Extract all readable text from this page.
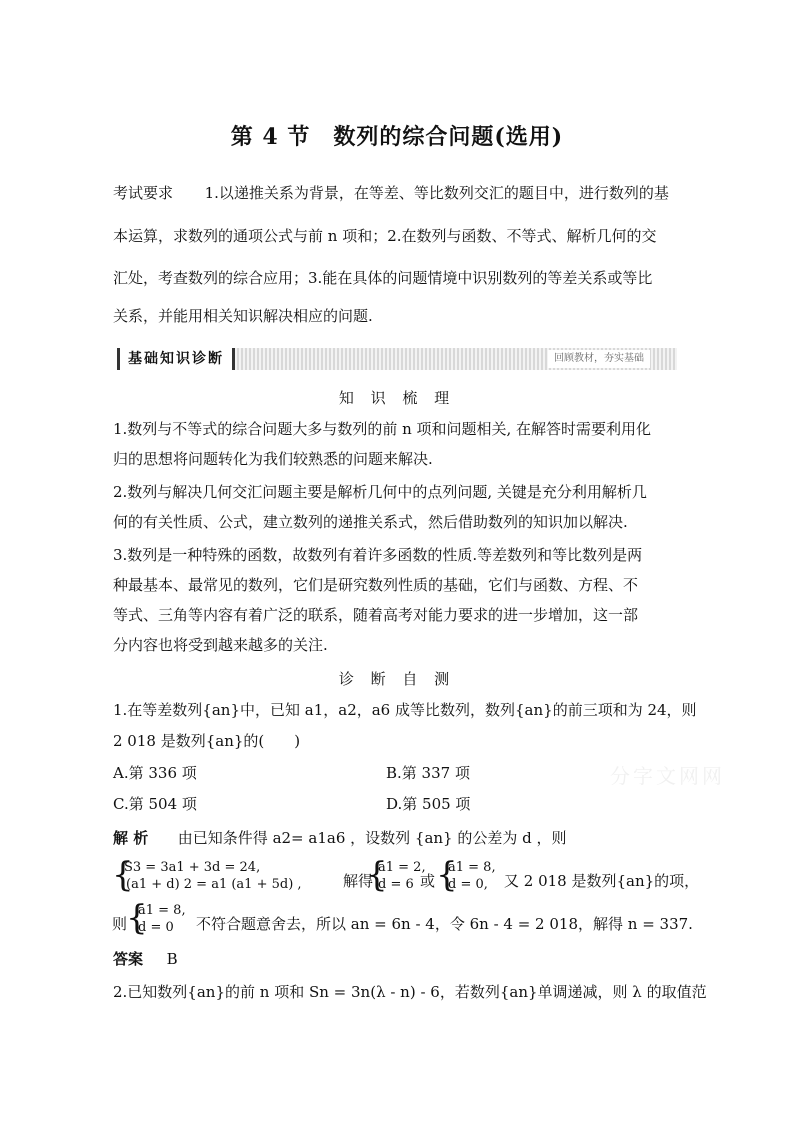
第 4 节　数列的综合问题(选用)
考试要求 1.以递推关系为背景，在等差、等比数列交汇的题目中，进行数列的基
本运算，求数列的通项公式与前 n 项和；2.在数列与函数、不等式、解析几何的交
汇处，考查数列的综合应用；3.能在具体的问题情境中识别数列的等差关系或等比
关系，并能用相关知识解决相应的问题.
基础知识诊断	回顾教材，夯实基础
知 识 梳 理
1.数列与不等式的综合问题大多与数列的前 n 项和问题相关, 在解答时需要利用化
归的思想将问题转化为我们较熟悉的问题来解决.
2.数列与解决几何交汇问题主要是解析几何中的点列问题, 关键是充分利用解析几
何的有关性质、公式，建立数列的递推关系式，然后借助数列的知识加以解决.
3.数列是一种特殊的函数，故数列有着许多函数的性质.等差数列和等比数列是两
种最基本、最常见的数列，它们是研究数列性质的基础，它们与函数、方程、不
等式、三角等内容有着广泛的联系，随着高考对能力要求的进一步增加，这一部
分内容也将受到越来越多的关注.
诊 断 自 测
1.在等差数列{an}中，已知 a1，a2，a6 成等比数列，数列{an}的前三项和为 24，则
2 018 是数列{an}的(　　)
A.第 336 项	B.第 337 项
C.第 504 项	D.第 505 项
分字文网网
解 析 由已知条件得 a2= a1a6 ，设数列 {an} 的公差为 d ，则
{
S3 = 3a1 + 3d = 24,
(a1 + d) 2 = a1 (a1 + 5d) ,	解得
{
a1 = 2,
d = 6 或 {
a1 = 8,
d = 0, 又 2 018 是数列{an}的项，
则
{
a1 = 8,
d = 0 不符合题意舍去，所以 an = 6n - 4，令 6n - 4 = 2 018，解得 n = 337.
答案 B
2.已知数列{an}的前 n 项和 Sn = 3n(λ - n) - 6，若数列{an}单调递减，则 λ 的取值范
